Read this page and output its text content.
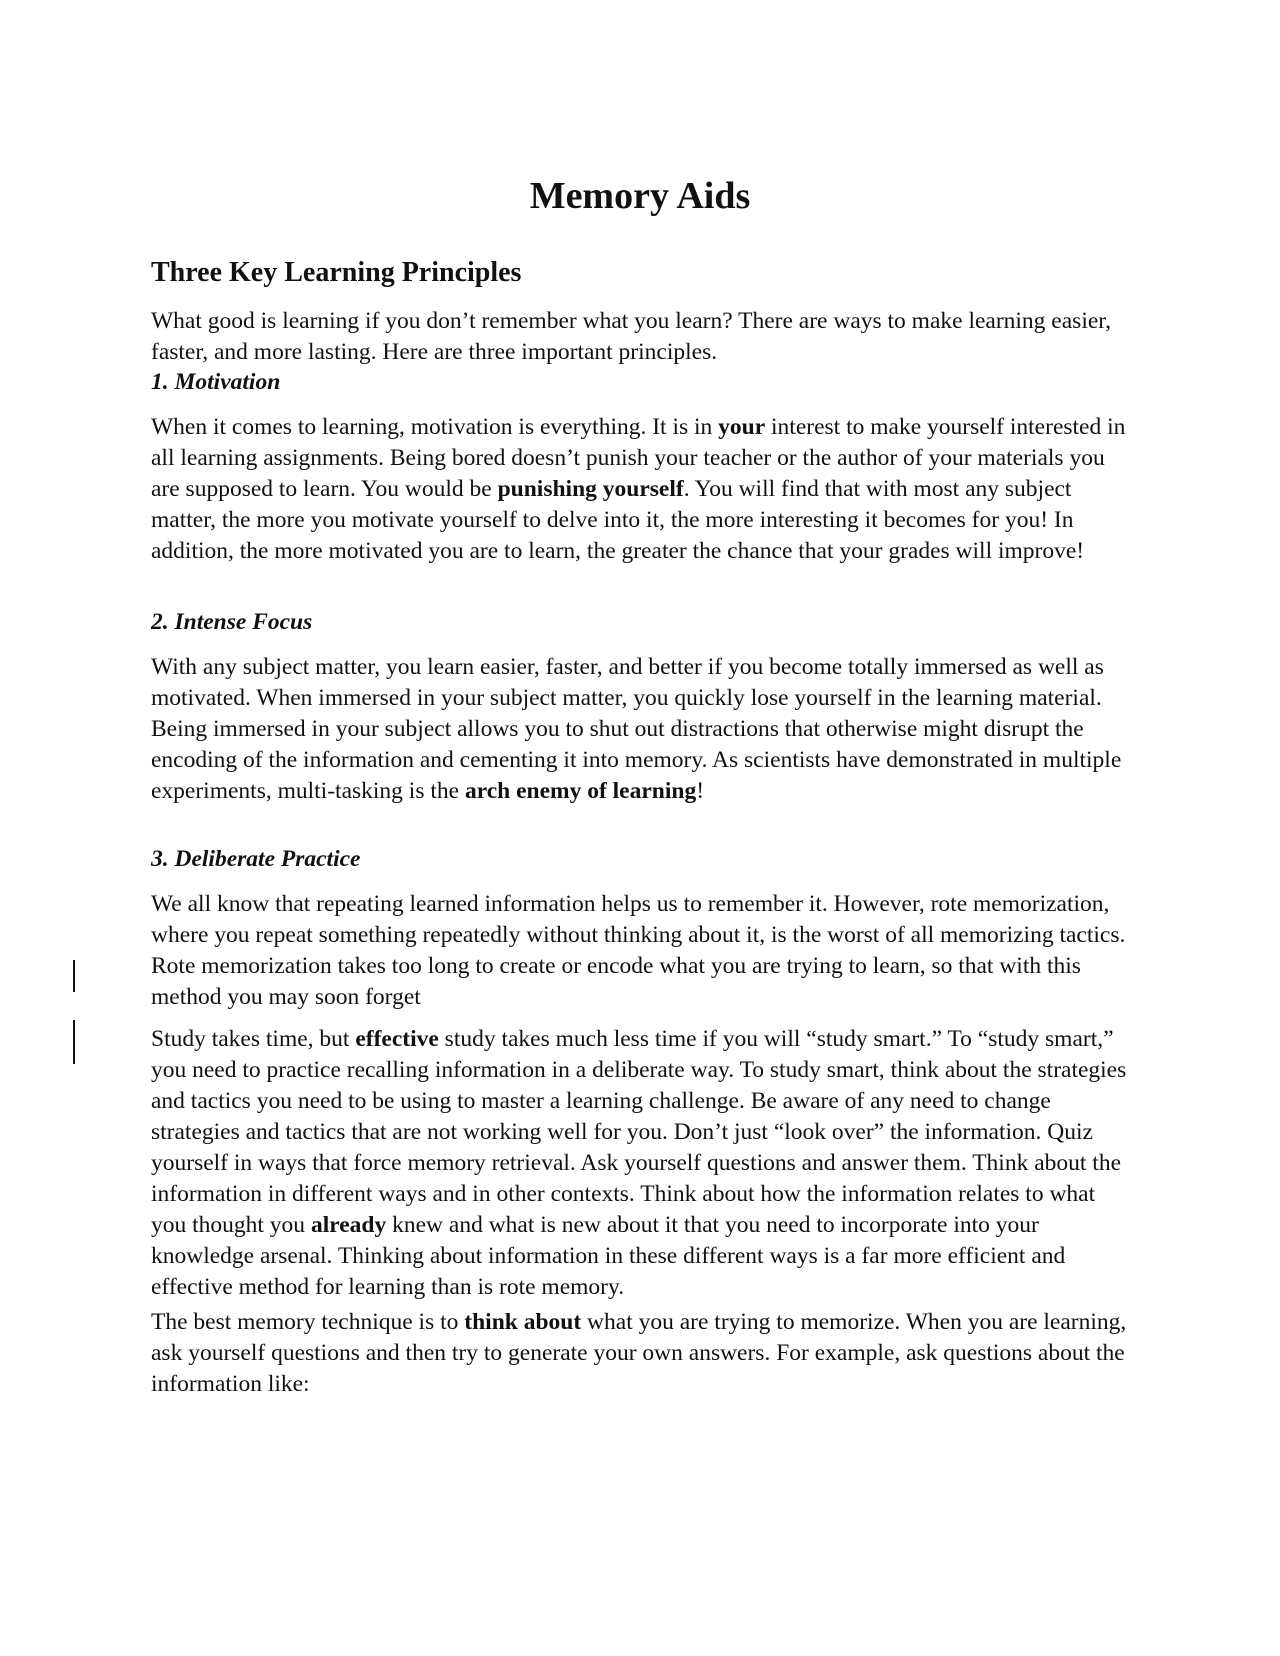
Memory Aids
Three Key Learning Principles

What good is learning if you don’t remember what you learn? There are ways to make learning easier, faster, and more lasting. Here are three important principles.

1. Motivation

When it comes to learning, motivation is everything. It is in your interest to make yourself interested in all learning assignments. Being bored doesn’t punish your teacher or the author of your materials you are supposed to learn. You would be punishing yourself. You will find that with most any subject matter, the more you motivate yourself to delve into it, the more interesting it becomes for you! In addition, the more motivated you are to learn, the greater the chance that your grades will improve!

2. Intense Focus

With any subject matter, you learn easier, faster, and better if you become totally immersed as well as motivated. When immersed in your subject matter, you quickly lose yourself in the learning material. Being immersed in your subject allows you to shut out distractions that otherwise might disrupt the encoding of the information and cementing it into memory. As scientists have demonstrated in multiple experiments, multi-tasking is the arch enemy of learning!

3. Deliberate Practice

We all know that repeating learned information helps us to remember it. However, rote memorization, where you repeat something repeatedly without thinking about it, is the worst of all memorizing tactics. Rote memorization takes too long to create or encode what you are trying to learn, so that with this method you may soon forget

Study takes time, but effective study takes much less time if you will “study smart.” To “study smart,” you need to practice recalling information in a deliberate way. To study smart, think about the strategies and tactics you need to be using to master a learning challenge. Be aware of any need to change strategies and tactics that are not working well for you. Don’t just “look over” the information. Quiz yourself in ways that force memory retrieval. Ask yourself questions and answer them. Think about the information in different ways and in other contexts. Think about how the information relates to what you thought you already knew and what is new about it that you need to incorporate into your knowledge arsenal. Thinking about information in these different ways is a far more efficient and effective method for learning than is rote memory.

The best memory technique is to think about what you are trying to memorize. When you are learning, ask yourself questions and then try to generate your own answers. For example, ask questions about the information like:
